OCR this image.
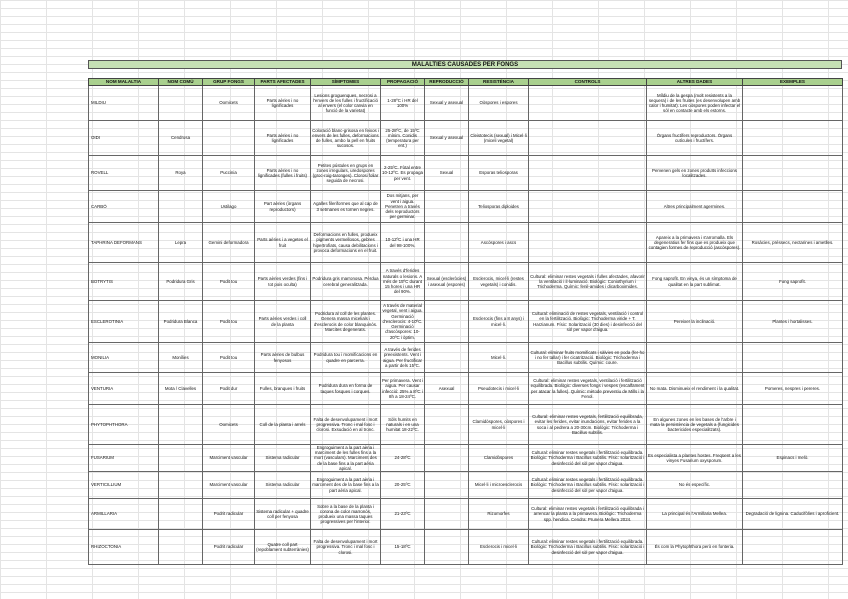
MALALTIES CAUSADES PER FONGS
NOM MALALTIA	NOM COMÚ	GRUP FONGS	PARTS AFECTADES	SÍMPTOMES	PROPAGACIÓ	REPRODUCCIÓ	RESISTÈNCIA	CONTROLS	ALTRES DADES	EXEMPLES
MILDIU		Oomicets	Parts aèries i no lignificades	Lesions groguenques, necrosi a l'envers de les fulles i fructificació al envers (el color canvia en funció de la varietat)	1-28ºC i HR del 100%	Sexual y asexual	Oòspores i espores		Míldiu de la gespa (molt resistents a la sequera) i de les fruites (es desenvolupen amb calor i humitat). Les oòspores poden infectar el sòl en contacte amb els estorns.	
OIDI	Cendrosa		Parts aèries i no lignificades	Coloració blanc-grisosa en feixos i envers de les fulles, deformacions de fulles, ambo la pell en fruits sucosos.	25-28ºC, de 15ºC mínim. Conidis (temperatura per ent.)	Sexual y asexual	Cleistotecis (sexual) i Micel·li (miceli vegetal)		Òrgans fructífers reproductors. Òrgans cutícules i fructífers.	
ROVELL	Roya	Puccinia	Parts aèries i no lignificades (fulles i fruits)	Petites pústules en grups en zones irregulars, uredospores (groc-roig-taronges). Clorosi foliar seguida de necrosi.	2-25ºC. Fòtal entre 10-12ºC. Es propaga per vent.	Sexual	Esporas teliosporas		Pervenen gels en zones produïts infeccions localitzades.	
CARBÓ		Ustilago	Part aèries (òrgans reproductors)	Agalles fileriformes que al cap de 3 setmanes es tornen negres.	Dos mitjans, per vent i aigua. Penetren a través dels reproductors per germinar.		Teliosporas diploides		Altres principalment agermines.	
TAPHRINA DEFORMANS	Lepra	Gemini deformadora	Parts aèries i a vegetes el fruit	Deformacions en fulles, produeix pigments vermellosos, gebres hipertrofiats, causa debilitacions i provoca deformacions en el fruit.	10-12ºC i una HR del 98-100%.		Ascòspores i ascs		Apareix a la primavera i s'arromalla. Els degeneratius fer fins que es produeix que contagien formes de reproducció (ascòspores).	Rosàcies, préssecs, nectarines i ametlles.
BOTRYTIS	Podridura Gris	Podit tou	Parts aèries verdes (fins i tot pois oculta)	Podridura gris marronosa. Pèrdua cerebral generalitzada.	A través d'ferides naturals o lesions. A més de 15ºC durant 15 hores i una HR del 90%.	Sexual (escleròcies) i asexual (espores)	Esclerocis, micel·li (restes vegetals) i conidis.	Cultural: eliminar restes vegetals i fulles afectades, afavorir la ventilació i il·luminació. Biològic: Coniothyrium i Trichoderma. Químic: fenil-amides i dicarboximides.	Fong saprofit. En vinya, és un símptoma de qualitat en la part sublimat.	Fong saprofit.
ESCLEROTINIA	Podridura Blanca	Podit tou	Parts aèries verdes i coll de la planta	Podridura al coll de les plantes. Genera massa micelials i d'esclerocis de color blanquinós. Marcites degenerats.	A través de material vegetal, vent i aigua. Germinació d'esclerocis: 4-10ºC. Germinació d'ascòspores: 10-20ºC i òptim.		Esclerocis (fins a 8 anys) i micel·li.	Cultural: eliminació de restes vegetals, ventilació i control en la fertilització. Biològic: Trichoderma viride + T. Harzianum. Físic: Solarització (30 dies) i desinfecció del sòl per vapor d'aigua.	Pereixer la inclinació.	Plantes i hortalisses.
MONILIA	Monílies	Podit tou	Parts aèries de bulbus fenyosos	Podridura tou i momificacions en quadre en parcerra.	A través de ferides preexistents. Vent i aigua. Per fructificar a partir dels 15ºC.		Micel·li.	Cultural: eliminar fruits momificats i sàlvies en poda (fer-ho i no fer tallar) i fer cicatrització. Biològic: Trichoderma i Bacillus subtilis. Químic: coure.		
VENTURIA	Mota / Clavelles	Podit dur	Fulles, branques i fruits	Podridura dura en forma de taques fosques i corques.	Per primavera. Vent i aigua. Per causar infecció: 25% a 8ºC i 8h a 18-24ºC.	Asexual	Pseudotecis i micel·li	Cultural: eliminar restes vegetals, ventilació i fertilització equilibrada. Biològic: diverses fongs i vespes (escalfament per atacar la fulles). Químic: mètode preventiu de Mills i la Fenol.	No mata. Disminueix el rendiment i la qualitat.	Pomeres, nespres i pereres.
PHYTOPHTHORA		Oomicets	Coll de la planta i arrels	Falta de desenvolupament i mort progressiva. Tronc i mal fosc i clorosi. Exsudació en al tronc.	Sòls humits en naturals i en una humitat 18-22ºC.		Clamidòspores, oòspores i micel·li	Cultural: eliminar restes vegetals, fertilització equilibrada, evitar les ferides, evitar inundacions, evitar ferides a la soca i al pedrera a 20-30cm. Biològic: Trichoderma i Bacillus subtilis.	En algunes zones en les bases de l'arbre i mata la persistència de vegetals a (fungicides bactericides especialitzats).	
FUSARIUM		Marciment vascular	Sistema radicular	Engroguiment a la part aèria i marciment de les fulles fins a la mort (vasculars). Marciment des de la base fins a la part aèria apical.	24-28ºC		Clamidòspores	Cultural: eliminar restes vegetals i fertilització equilibrada. Biològic: Trichoderma i Bacillus subtilis. Físic: solarització i desinfecció del sòl per vapor d'aigua.	Es especialista a plantes hostes. Freqüent a les vinyes Fusarium oxysporum.	Espinacs i melò.
VERTICILLIUM		Marciment vascular	Sistema radicular	Engroguiment a la part aèria i marciment des de la base fins a la part aèria apical.	20-25ºC		Micel·li i microesclerocis	Cultural: eliminar restes vegetals i fertilització equilibrada. Biològic: Trichoderma i Bacillus subtilis. Físic: solarització i desinfecció del sòl per vapor d'aigua.	No és específic.	
ARMILLARIA		Podrit radicular	Sistema radicular + quadre coll per fenyosa	Sobre a la base de la planta i corona de color marronós, produeix una massa taques progressives per l'interior.	21-23ºC		Rizomorfes	Cultural: eliminar restes vegetals i fertilització equilibrada i arrencar la planta a la primavera. Biològic: Trichoderma spp. hendica. Cendra: Prunera Mellera 2024.	La principal és l'Armillaria Mellea.	Degradació de lignina. Caducifòlies i aproficient.
RHIZOCTONIA		Podrit radicular	Quatre coll part (repoblament subterrànies)	Falta de desenvolupament i mort progressiva. Tronc i mal fosc i clorosi.	15-18ºC		Esclerocis i micel·li	Cultural: eliminar restes vegetals i fertilització equilibrada. Biològic: Trichoderma i Bacillus subtilis. Físic: solarització i desinfecció del sòl per vapor d'aigua.	És com la Phytophthora però en fonteria.	
